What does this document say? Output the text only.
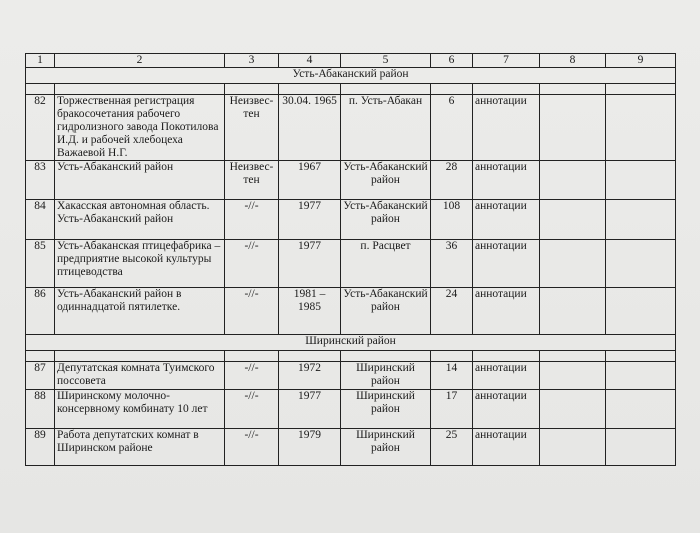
1	2	3	4	5	6	7	8	9
Усть-Абаканский район								

82	Торжественная регистрация бракосочетания рабочего гидролизного завода Покотилова И.Д. и рабочей хлебоцеха Важаевой Н.Г.	Неизвес-тен	30.04. 1965	п. Усть-Абакан	6	аннотации		
83	Усть-Абаканский район	Неизвес-тен	1967	Усть-Абаканский район	28	аннотации		
84	Хакасская автономная область. Усть-Абаканский район	-//-	1977	Усть-Абаканский район	108	аннотации		
85	Усть-Абаканская птицефабрика – предприятие высокой культуры птицеводства	-//-	1977	п. Расцвет	36	аннотации		
86	Усть-Абаканский район в одиннадцатой пятилетке.	-//-	1981 – 1985	Усть-Абаканский район	24	аннотации		
Ширинский район								

87	Депутатская комната Туимского поссовета	-//-	1972	Ширинский район	14	аннотации		
88	Ширинскому молочно-консервному комбинату 10 лет	-//-	1977	Ширинский район	17	аннотации		
89	Работа депутатских комнат в Ширинском районе	-//-	1979	Ширинский район	25	аннотации		
